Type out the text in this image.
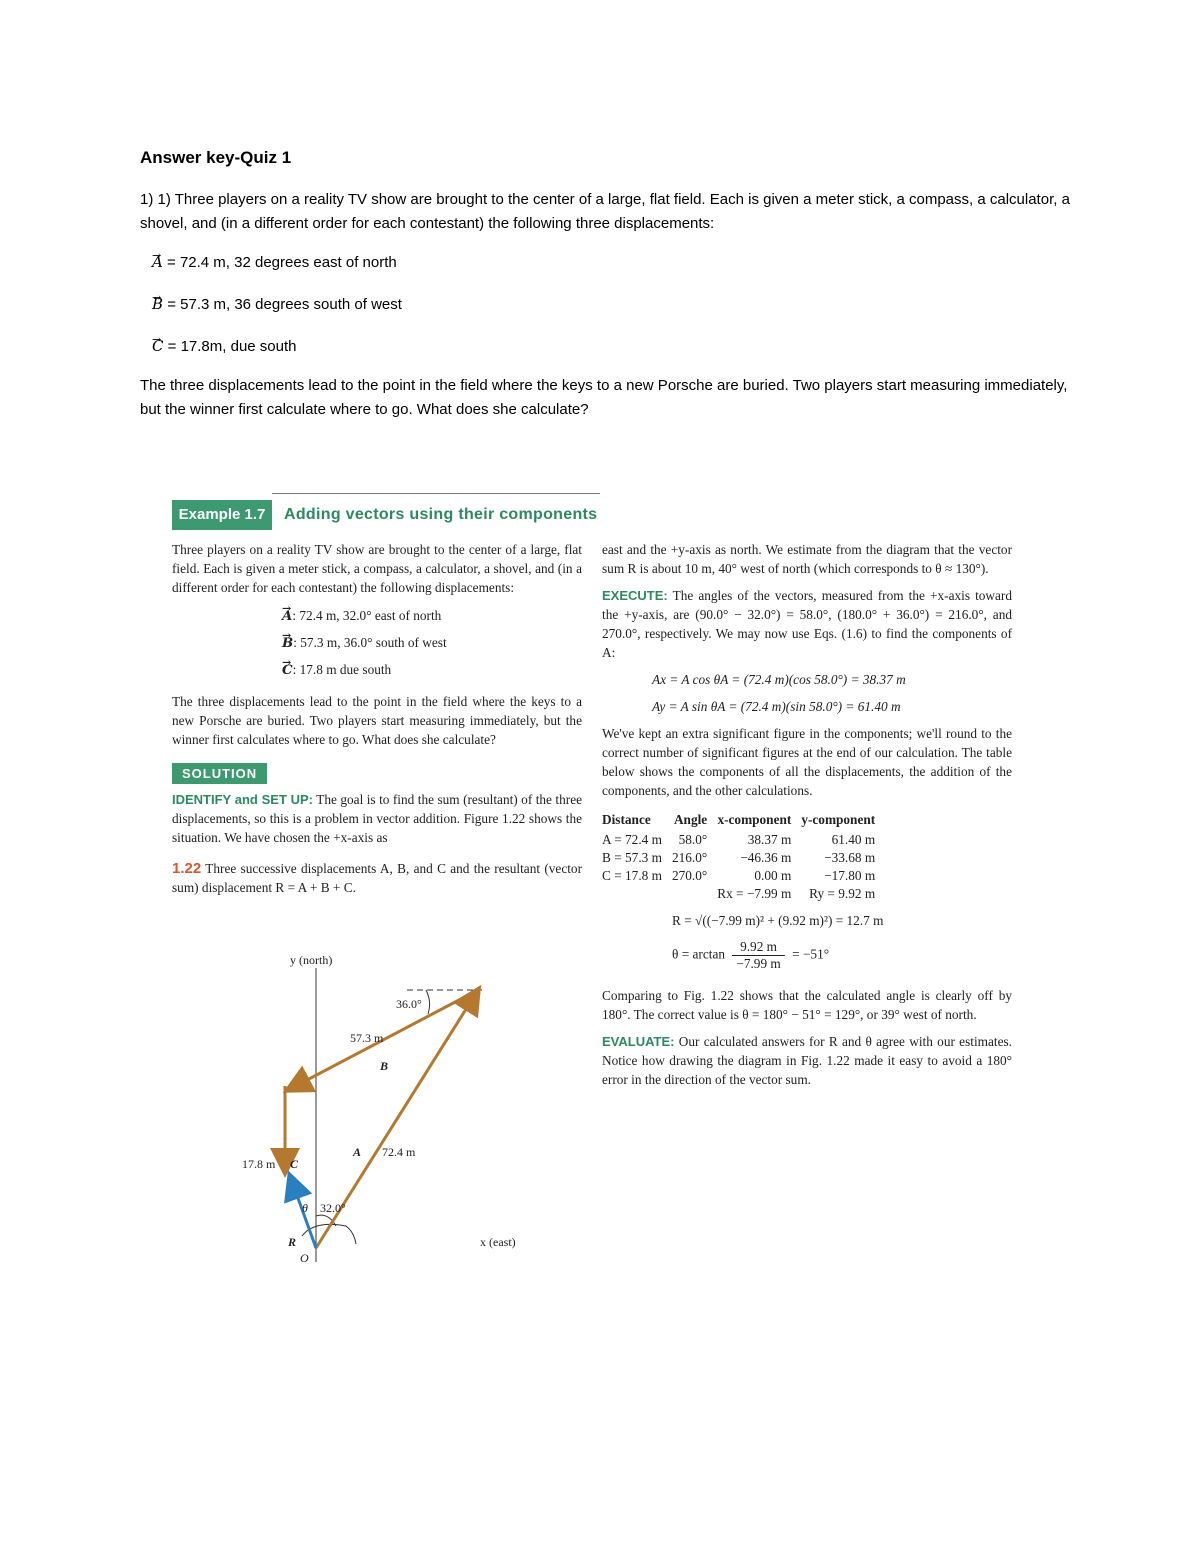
Answer key-Quiz 1

1) 1) Three players on a reality TV show are brought to the center of a large, flat field. Each is given a meter stick, a compass, a calculator, a shovel, and (in a different order for each contestant) the following three displacements:

→ A = 72.4 m, 32 degrees east of north
→ B = 57.3 m, 36 degrees south of west
→ C = 17.8m, due south

The three displacements lead to the point in the field where the keys to a new Porsche are buried. Two players start measuring immediately, but the winner first calculate where to go. What does she calculate?

Example 1.7	Adding vectors using their components
Three players on a reality TV show are brought to the center of a large, flat field. Each is given a meter stick, a compass, a calculator, a shovel, and (in a different order for each contestant) the following displacements:
→ A: 72.4 m, 32.0° east of north
→ B: 57.3 m, 36.0° south of west
→ C: 17.8 m due south
The three displacements lead to the point in the field where the keys to a new Porsche are buried. Two players start measuring immediately, but the winner first calculates where to go. What does she calculate?
SOLUTION
IDENTIFY and SET UP: The goal is to find the sum (resultant) of the three displacements, so this is a problem in vector addition. Figure 1.22 shows the situation. We have chosen the +x-axis as
1.22 Three successive displacements A, B, and C and the resultant (vector sum) displacement R = A + B + C.
y (north)
x (east)
O
36.0°
32.0°
57.3 m
B
A 72.4 m
17.8 m C
θ
R
east and the +y-axis as north. We estimate from the diagram that the vector sum R is about 10 m, 40° west of north (which corresponds to θ ≈ 130°).
EXECUTE: The angles of the vectors, measured from the +x-axis toward the +y-axis, are (90.0° − 32.0°) = 58.0°, (180.0° + 36.0°) = 216.0°, and 270.0°, respectively. We may now use Eqs. (1.6) to find the components of A:
Ax = A cos θA = (72.4 m)(cos 58.0°) = 38.37 m
Ay = A sin θA = (72.4 m)(sin 58.0°) = 61.40 m
We've kept an extra significant figure in the components; we'll round to the correct number of significant figures at the end of our calculation. The table below shows the components of all the displacements, the addition of the components, and the other calculations.
Distance	Angle	x-component	y-component
A = 72.4 m	58.0°	38.37 m	61.40 m
B = 57.3 m	216.0°	−46.36 m	−33.68 m
C = 17.8 m	270.0°	0.00 m	−17.80 m
		Rx = −7.99 m	Ry = 9.92 m
R = √((−7.99 m)² + (9.92 m)²) = 12.7 m
$\theta = \arctan \frac{9.92 m}{-7.99 m} = -51^\circ$
Comparing to Fig. 1.22 shows that the calculated angle is clearly off by 180°. The correct value is θ = 180° − 51° = 129°, or 39° west of north.
EVALUATE: Our calculated answers for R and θ agree with our estimates. Notice how drawing the diagram in Fig. 1.22 made it easy to avoid a 180° error in the direction of the vector sum.
